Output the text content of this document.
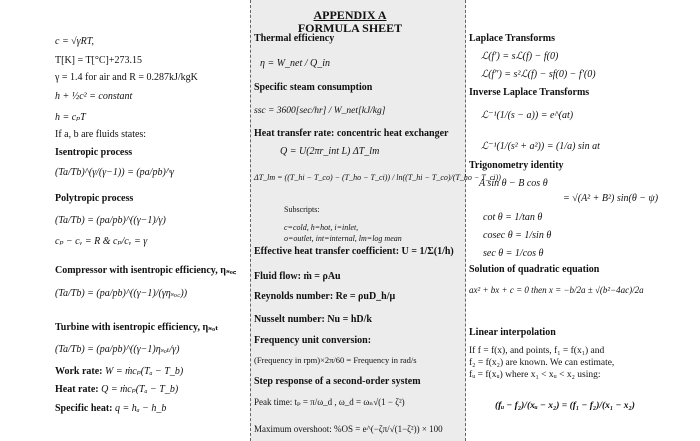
APPENDIX A
FORMULA SHEET
c = √γRT,
T[K] = T[°C]+273.15
γ = 1.4 for air and R = 0.287kJ/kgK
h + ½c² = constant
h = cₚT
If a, b are fluids states:
Isentropic process
(Ta/Tb)^(γ/(γ−1)) = (pa/pb)^γ
Polytropic process
(Ta/Tb) = (pa/pb)^((γ−1)/γ)
cₚ − cᵥ = R & cₚ/cᵥ = γ
Compressor with isentropic efficiency, ηₛₒ꜀
(Ta/Tb) = (pa/pb)^((γ−1)/(γηₛₒ꜀))
Turbine with isentropic efficiency, ηₛₒₜ
(Ta/Tb) = (pa/pb)^((γ−1)ηₛₒₜ/γ)
Work rate: W = ṁcₚ(Tₐ − T_b)
Heat rate: Q = ṁcₚ(Tₐ − T_b)
Specific heat: q = hₐ − h_b
Thermal efficiency
η = W_net / Q_in
Specific steam consumption
ssc = 3600[sec/hr] / W_net[kJ/kg]
Heat transfer rate: concentric heat exchanger
Q = U(2πr_int L) ΔT_lm
ΔT_lm = ((T_hi − T_co) − (T_ho − T_ci)) / ln((T_hi − T_co)/(T_ho − T_ci))
Subscripts:
c=cold, h=hot, i=inlet,
o=outlet, int=internal, lm=log mean
Effective heat transfer coefficient: U = 1/Σ(1/h)
Fluid flow: ṁ = ρAu
Reynolds number: Re = ρuD_h/μ
Nusselt number: Nu = hD/k
Frequency unit conversion:
(Frequency in rpm)×2π/60 = Frequency in rad/s
Step response of a second-order system
Peak time: tₚ = π/ω_d , ω_d = ωₙ√(1 − ζ²)
Maximum overshoot: %OS = e^(−ζπ/√(1−ζ²)) × 100
Laplace Transforms
ℒ(f′) = sℒ(f) − f(0)
ℒ(f″) = s²ℒ(f) − sf(0) − f′(0)
Inverse Laplace Transforms
ℒ⁻¹(1/(s − a)) = e^(at)
ℒ⁻¹(1/(s² + a²)) = (1/a) sin at
Trigonometry identity
A sin θ − B cos θ
= √(A² + B²) sin(θ − ψ)
cot θ = 1/tan θ
cosec θ = 1/sin θ
sec θ = 1/cos θ
Solution of quadratic equation
ax² + bx + c = 0 then x = −b/2a ± √(b²−4ac)/2a
Linear interpolation
If f = f(x), and points, f₁ = f(x₁) and
f₂ = f(x₂) are known. We can estimate,
fᵤ = f(xᵤ) where x₁ < xᵤ < x₂ using:
(fᵤ − f₂)/(xᵤ − x₂) = (f₁ − f₂)/(x₁ − x₂)
